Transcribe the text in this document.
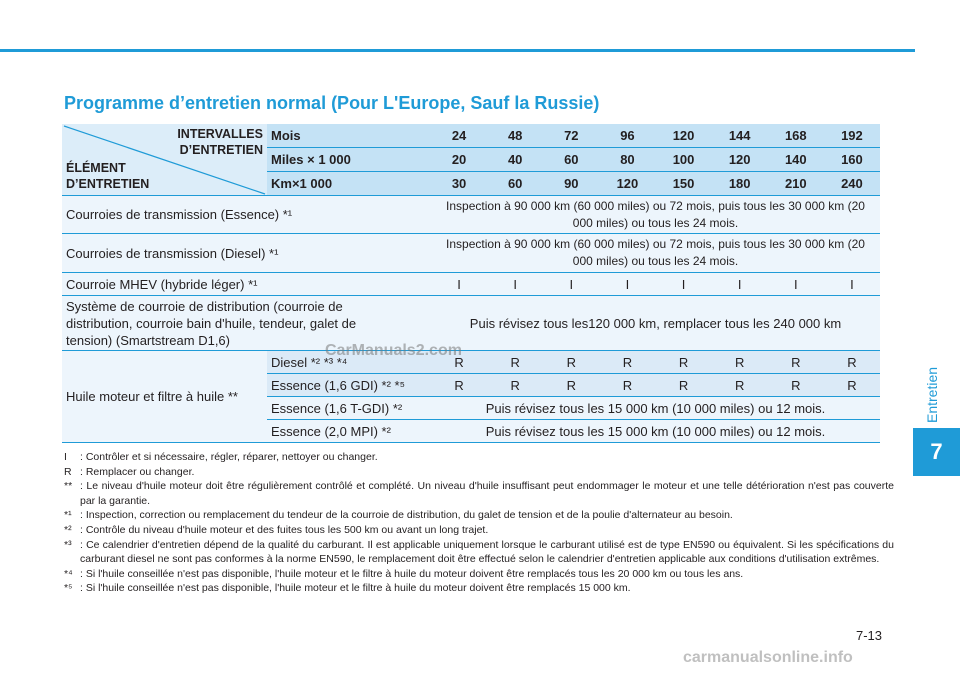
Entretien
7
Programme d’entretien normal (Pour L'Europe, Sauf la Russie)
INTERVALLES D’ENTRETIEN
ÉLÉMENT D’ENTRETIEN	Mois	24	48	72	96	120	144	168	192
	Miles × 1 000	20	40	60	80	100	120	140	160
	Km×1 000	30	60	90	120	150	180	210	240
Courroies de transmission (Essence) *¹		Inspection à 90 000 km (60 000 miles) ou 72 mois, puis tous les 30 000 km (20 000 miles) ou tous les 24 mois.							
Courroies de transmission (Diesel) *¹		Inspection à 90 000 km (60 000 miles) ou 72 mois, puis tous les 30 000 km (20 000 miles) ou tous les 24 mois.							
Courroie MHEV (hybride léger) *¹		I	I	I	I	I	I	I	I
Système de courroie de distribution (courroie de distribution, courroie bain d'huile, tendeur, galet de tension) (Smartstream D1,6)		Puis révisez tous les120 000 km, remplacer tous les 240 000 km							
Huile moteur et filtre à huile **	Diesel *² *³ *⁴	R	R	R	R	R	R	R	R
	Essence (1,6 GDI) *² *⁵	R	R	R	R	R	R	R	R
	Essence (1,6 T-GDI) *²	Puis révisez tous les 15 000 km (10 000 miles) ou 12 mois.							
	Essence (2,0 MPI) *²	Puis révisez tous les 15 000 km (10 000 miles) ou 12 mois.							
I	: Contrôler et si nécessaire, régler, réparer, nettoyer ou changer.
R : Remplacer ou changer.
** : Le niveau d'huile moteur doit être régulièrement contrôlé et complété. Un niveau d'huile insuffisant peut endommager le moteur et une telle détérioration n'est pas couverte par la garantie.
*¹ : Inspection, correction ou remplacement du tendeur de la courroie de distribution, du galet de tension et de la poulie d'alternateur au besoin.
*² : Contrôle du niveau d'huile moteur et des fuites tous les 500 km ou avant un long trajet.
*³ : Ce calendrier d'entretien dépend de la qualité du carburant. Il est applicable uniquement lorsque le carburant utilisé est de type EN590 ou équivalent. Si les spécifications du carburant diesel ne sont pas conformes à la norme EN590, le remplacement doit être effectué selon le calendrier d'entretien applicable aux conditions d'utilisation extrêmes.
*⁴ : Si l'huile conseillée n'est pas disponible, l'huile moteur et le filtre à huile du moteur doivent être remplacés tous les 20 000 km ou tous les ans.
*⁵ : Si l'huile conseillée n'est pas disponible, l'huile moteur et le filtre à huile du moteur doivent être remplacés 15 000 km.
7-13
CarManuals2.com
carmanualsonline.info
